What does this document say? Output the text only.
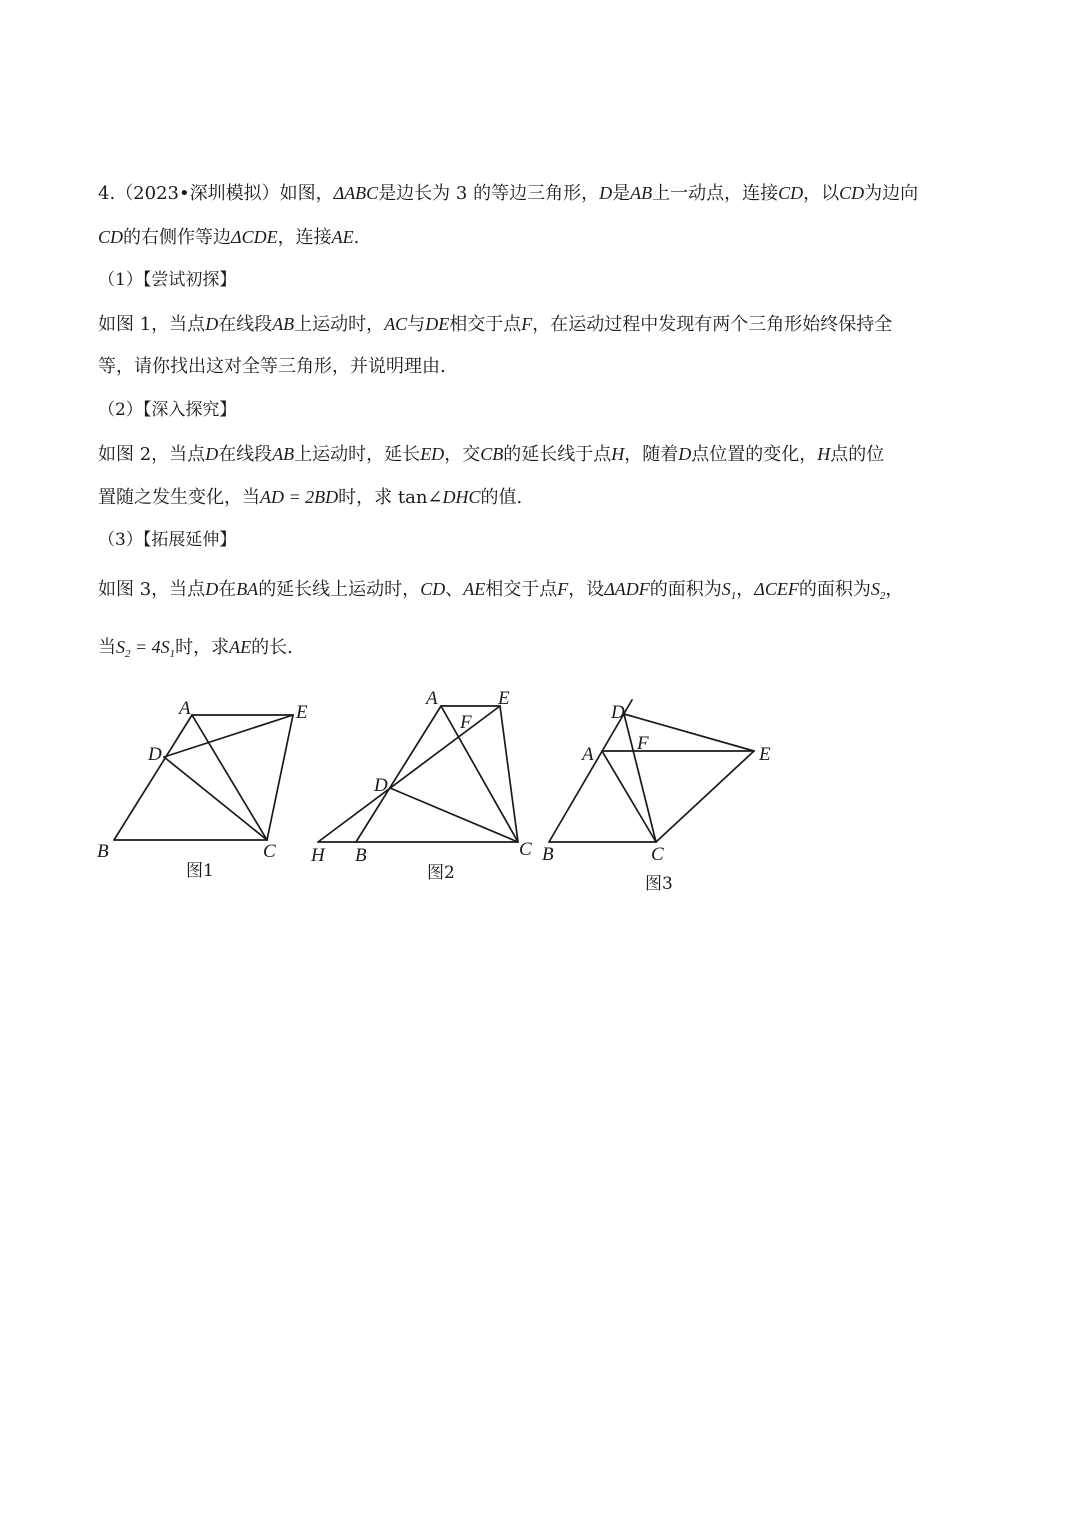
4.（2023•深圳模拟）如图，ΔABC是边长为 3 的等边三角形，D是AB上一动点，连接CD，以CD为边向
CD的右侧作等边ΔCDE，连接AE.
（1）【尝试初探】
如图 1，当点D在线段AB上运动时，AC与DE相交于点F，在运动过程中发现有两个三角形始终保持全
等，请你找出这对全等三角形，并说明理由.
（2）【深入探究】
如图 2，当点D在线段AB上运动时，延长ED，交CB的延长线于点H，随着D点位置的变化，H点的位
置随之发生变化，当AD = 2BD时，求 tan∠DHC的值.
（3）【拓展延伸】
如图 3，当点D在BA的延长线上运动时，CD、AE相交于点F，设ΔADF的面积为$S_1$，ΔCEF的面积为$S_2$，
当$S_2 = 4S_1$时，求AE的长.
A	E
D
B	C
图1
A	E
F
D
H B	C
图2
D
A
F
E
B	C
图3
